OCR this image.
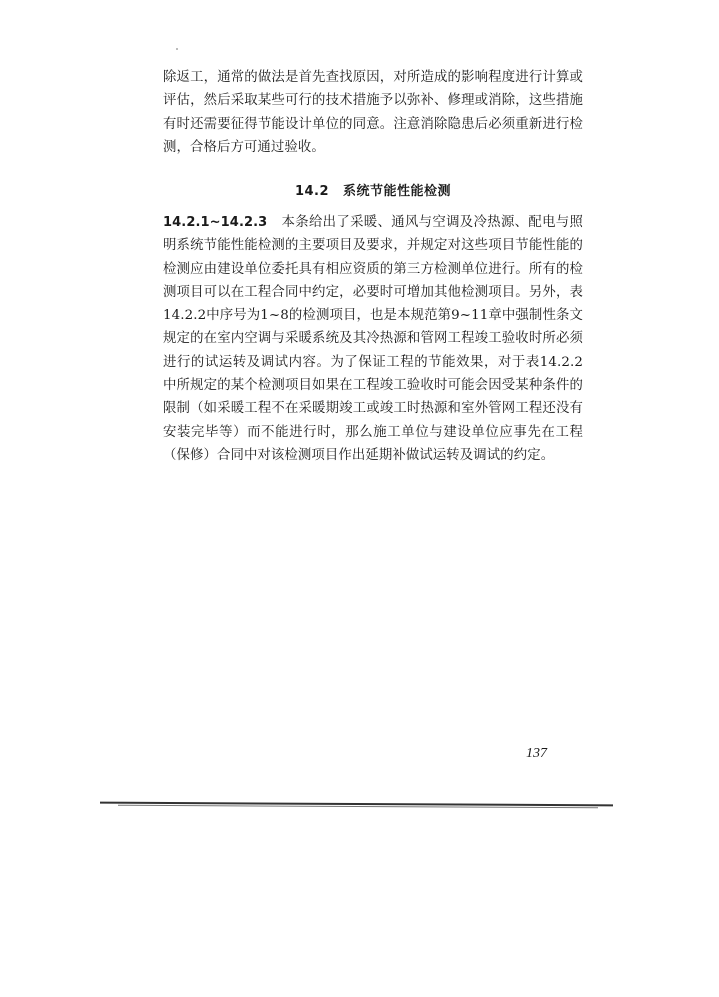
除返工，通常的做法是首先查找原因，对所造成的影响程度进行计算或评估，然后采取某些可行的技术措施予以弥补、修理或消除，这些措施有时还需要征得节能设计单位的同意。注意消除隐患后必须重新进行检测，合格后方可通过验收。

14.2 系统节能性能检测

14.2.1~14.2.3 本条给出了采暖、通风与空调及冷热源、配电与照明系统节能性能检测的主要项目及要求，并规定对这些项目节能性能的检测应由建设单位委托具有相应资质的第三方检测单位进行。所有的检测项目可以在工程合同中约定，必要时可增加其他检测项目。另外，表14.2.2中序号为1~8的检测项目，也是本规范第9~11章中强制性条文规定的在室内空调与采暖系统及其冷热源和管网工程竣工验收时所必须进行的试运转及调试内容。为了保证工程的节能效果，对于表14.2.2中所规定的某个检测项目如果在工程竣工验收时可能会因受某种条件的限制（如采暖工程不在采暖期竣工或竣工时热源和室外管网工程还没有安装完毕等）而不能进行时，那么施工单位与建设单位应事先在工程（保修）合同中对该检测项目作出延期补做试运转及调试的约定。

137
